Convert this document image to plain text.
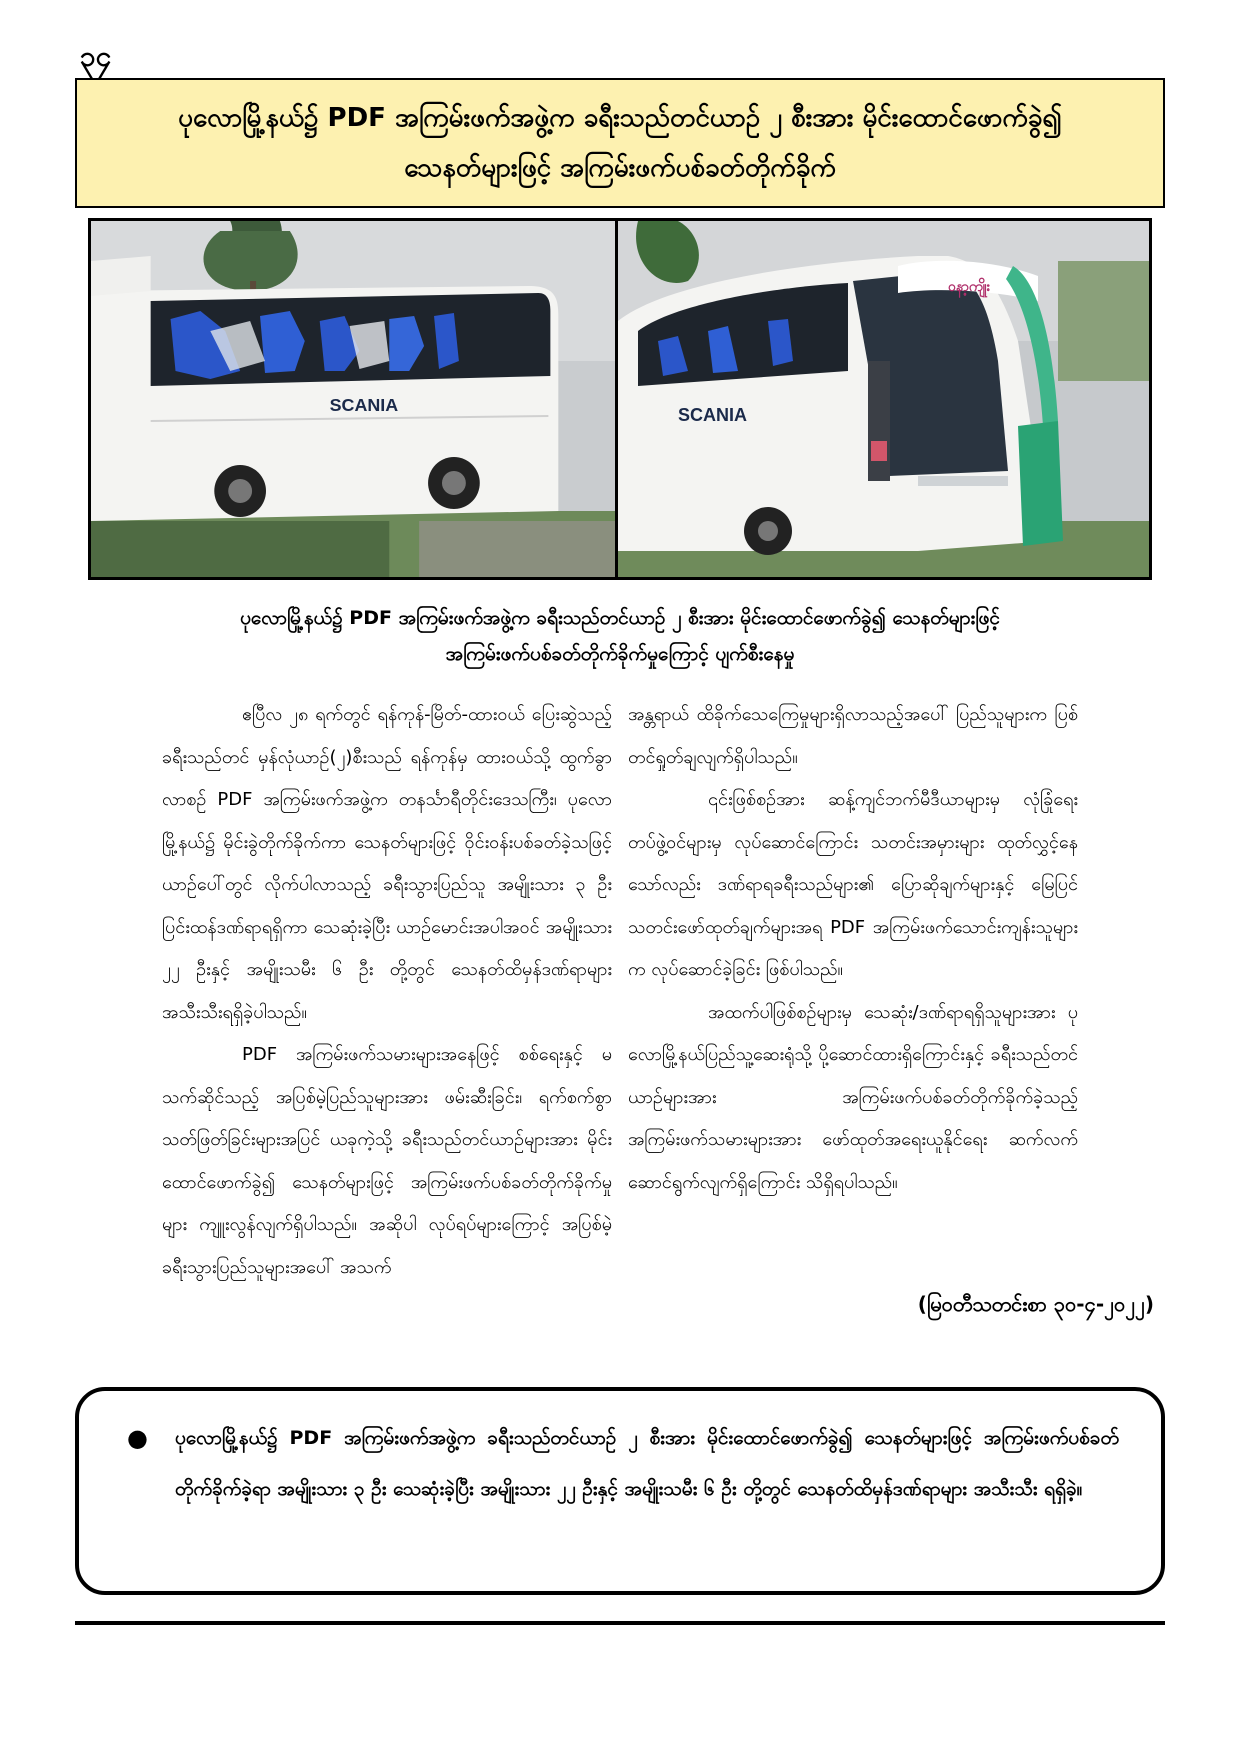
၃၄
ပုလောမြို့နယ်၌ PDF အကြမ်းဖက်အဖွဲ့က ခရီးသည်တင်ယာဉ် ၂ စီးအား မိုင်းထောင်ဖောက်ခွဲ၍
သေနတ်များဖြင့် အကြမ်းဖက်ပစ်ခတ်တိုက်ခိုက်
SCANIA
ဝနာ့ကျိုး
SCANIA
ပုလောမြို့နယ်၌ PDF အကြမ်းဖက်အဖွဲ့က ခရီးသည်တင်ယာဉ် ၂ စီးအား မိုင်းထောင်ဖောက်ခွဲ၍ သေနတ်များဖြင့်
အကြမ်းဖက်ပစ်ခတ်တိုက်ခိုက်မှုကြောင့် ပျက်စီးနေမှု

ဧပြီလ ၂၈ ရက်တွင် ရန်ကုန်-မြိတ်-ထားဝယ် ပြေးဆွဲသည့် ခရီးသည်တင် မှန်လုံယာဉ်(၂)စီးသည် ရန်ကုန်မှ ထားဝယ်သို့ ထွက်ခွာလာစဉ် PDF အကြမ်းဖက်အဖွဲ့က တနင်္သာရီတိုင်းဒေသကြီး၊ ပုလောမြို့နယ်၌ မိုင်းခွဲတိုက်ခိုက်ကာ သေနတ်များဖြင့် ဝိုင်းဝန်းပစ်ခတ်ခဲ့သဖြင့် ယာဉ်ပေါ်တွင် လိုက်ပါလာသည့် ခရီးသွားပြည်သူ အမျိုးသား ၃ ဦး ပြင်းထန်ဒဏ်ရာရရှိကာ သေဆုံးခဲ့ပြီး ယာဉ်မောင်းအပါအဝင် အမျိုးသား ၂၂ ဦးနှင့် အမျိုးသမီး ၆ ဦး တို့တွင် သေနတ်ထိမှန်ဒဏ်ရာများ အသီးသီးရရှိခဲ့ပါသည်။

PDF အကြမ်းဖက်သမားများအနေဖြင့် စစ်ရေးနှင့် မသက်ဆိုင်သည့် အပြစ်မဲ့ပြည်သူများအား ဖမ်းဆီးခြင်း၊ ရက်စက်စွာ သတ်ဖြတ်ခြင်းများအပြင် ယခုကဲ့သို့ ခရီးသည်တင်ယာဉ်များအား မိုင်းထောင်ဖောက်ခွဲ၍ သေနတ်များဖြင့် အကြမ်းဖက်ပစ်ခတ်တိုက်ခိုက်မှုများ ကျူးလွန်လျက်ရှိပါသည်။ အဆိုပါ လုပ်ရပ်များကြောင့် အပြစ်မဲ့ခရီးသွားပြည်သူများအပေါ် အသက်

အန္တရာယ် ထိခိုက်သေကြေမှုများရှိလာသည့်အပေါ် ပြည်သူများက ပြစ်တင်ရှုတ်ချလျက်ရှိပါသည်။

၎င်းဖြစ်စဉ်အား ဆန့်ကျင်ဘက်မီဒီယာများမှ လုံခြုံရေးတပ်ဖွဲ့ဝင်များမှ လုပ်ဆောင်ကြောင်း သတင်းအမှားများ ထုတ်လွှင့်နေသော်လည်း ဒဏ်ရာရခရီးသည်များ၏ ပြောဆိုချက်များနှင့် မြေပြင်သတင်းဖော်ထုတ်ချက်များအရ PDF အကြမ်းဖက်သောင်းကျန်းသူများက လုပ်ဆောင်ခဲ့ခြင်း ဖြစ်ပါသည်။

အထက်ပါဖြစ်စဉ်များမှ သေဆုံး/ဒဏ်ရာရရှိသူများအား ပုလောမြို့နယ်ပြည်သူ့ဆေးရုံသို့ ပို့ဆောင်ထားရှိကြောင်းနှင့် ခရီးသည်တင်ယာဉ်များအား အကြမ်းဖက်ပစ်ခတ်တိုက်ခိုက်ခဲ့သည့် အကြမ်းဖက်သမားများအား ဖော်ထုတ်အရေးယူနိုင်ရေး ဆက်လက်ဆောင်ရွက်လျက်ရှိကြောင်း သိရှိရပါသည်။

(မြဝတီသတင်းစာ ၃၀-၄-၂၀၂၂)
●	ပုလောမြို့နယ်၌ PDF အကြမ်းဖက်အဖွဲ့က ခရီးသည်တင်ယာဉ် ၂ စီးအား မိုင်းထောင်ဖောက်ခွဲ၍ သေနတ်များဖြင့် အကြမ်းဖက်ပစ်ခတ်တိုက်ခိုက်ခဲ့ရာ အမျိုးသား ၃ ဦး သေဆုံးခဲ့ပြီး အမျိုးသား ၂၂ ဦးနှင့် အမျိုးသမီး ၆ ဦး တို့တွင် သေနတ်ထိမှန်ဒဏ်ရာများ အသီးသီး ရရှိခဲ့။
